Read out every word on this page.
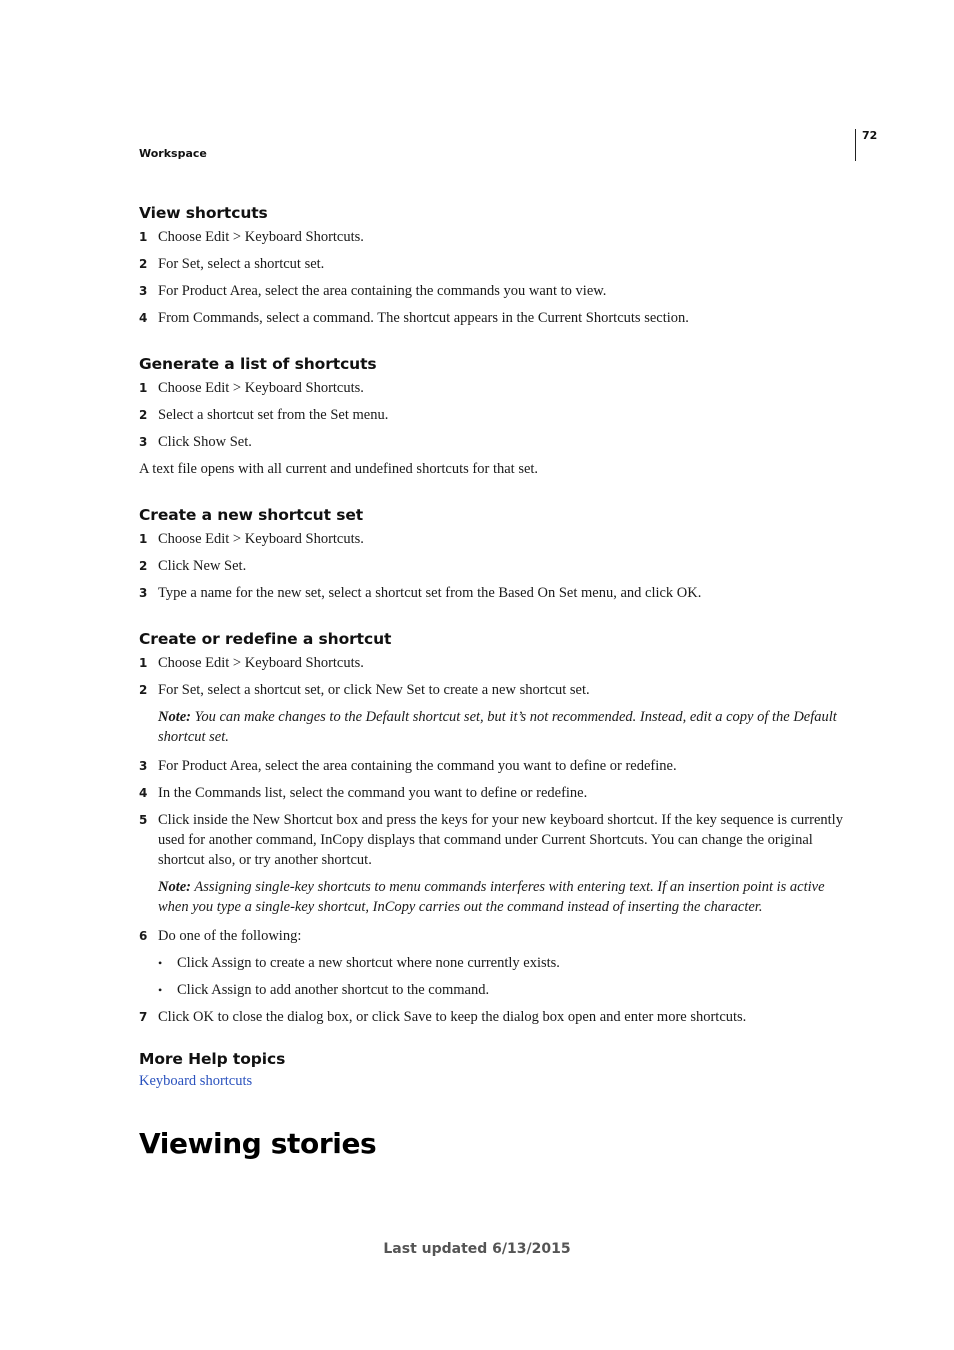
Workspace
72
View shortcuts
1 Choose Edit > Keyboard Shortcuts.
2 For Set, select a shortcut set.
3 For Product Area, select the area containing the commands you want to view.
4 From Commands, select a command. The shortcut appears in the Current Shortcuts section.
Generate a list of shortcuts
1 Choose Edit > Keyboard Shortcuts.
2 Select a shortcut set from the Set menu.
3 Click Show Set.
A text file opens with all current and undefined shortcuts for that set.
Create a new shortcut set
1 Choose Edit > Keyboard Shortcuts.
2 Click New Set.
3 Type a name for the new set, select a shortcut set from the Based On Set menu, and click OK.
Create or redefine a shortcut
1 Choose Edit > Keyboard Shortcuts.
2 For Set, select a shortcut set, or click New Set to create a new shortcut set.
Note: You can make changes to the Default shortcut set, but it’s not recommended. Instead, edit a copy of the Default shortcut set.
3 For Product Area, select the area containing the command you want to define or redefine.
4 In the Commands list, select the command you want to define or redefine.
5 Click inside the New Shortcut box and press the keys for your new keyboard shortcut. If the key sequence is currently used for another command, InCopy displays that command under Current Shortcuts. You can change the original shortcut also, or try another shortcut.
Note: Assigning single-key shortcuts to menu commands interferes with entering text. If an insertion point is active when you type a single-key shortcut, InCopy carries out the command instead of inserting the character.
6 Do one of the following:
•	Click Assign to create a new shortcut where none currently exists.
•	Click Assign to add another shortcut to the command.
7 Click OK to close the dialog box, or click Save to keep the dialog box open and enter more shortcuts.
More Help topics
Keyboard shortcuts
Viewing stories
Last updated 6/13/2015
